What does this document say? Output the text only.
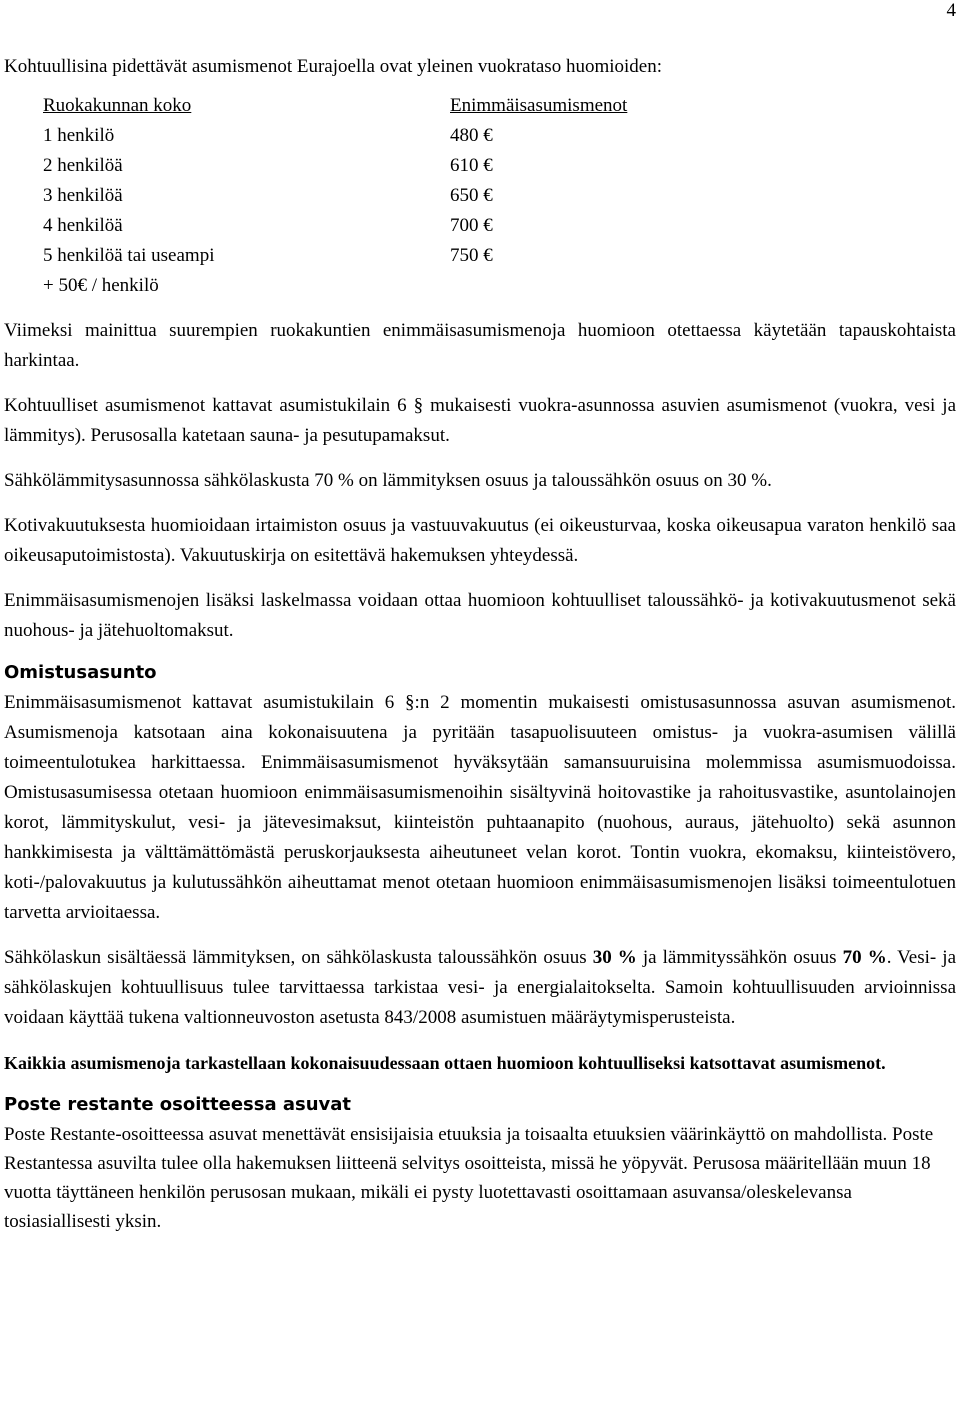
4

Kohtuullisina pidettävät asumismenot Eurajoella ovat yleinen vuokrataso huomioiden:

Ruokakunnan koko	Enimmäisasumismenot
1 henkilö	480 €
2 henkilöä	610 €
3 henkilöä	650 €
4 henkilöä	700 €
5 henkilöä tai useampi	750 €
+ 50€ / henkilö

Viimeksi mainittua suurempien ruokakuntien enimmäisasumismenoja huomioon otettaessa käytetään tapauskohtaista harkintaa.

Kohtuulliset asumismenot kattavat asumistukilain 6 § mukaisesti vuokra-asunnossa asuvien asumismenot (vuokra, vesi ja lämmitys). Perusosalla katetaan sauna- ja pesutupamaksut.

Sähkölämmitysasunnossa sähkölaskusta 70 % on lämmityksen osuus ja taloussähkön osuus on 30 %.

Kotivakuutuksesta huomioidaan irtaimiston osuus ja vastuuvakuutus (ei oikeusturvaa, koska oikeusapua varaton henkilö saa oikeusaputoimistosta). Vakuutuskirja on esitettävä hakemuksen yhteydessä.

Enimmäisasumismenojen lisäksi laskelmassa voidaan ottaa huomioon kohtuulliset taloussähkö- ja kotivakuutusmenot sekä nuohous- ja jätehuoltomaksut.

Omistusasunto

Enimmäisasumismenot kattavat asumistukilain 6 §:n 2 momentin mukaisesti omistusasunnossa asuvan asumismenot. Asumismenoja katsotaan aina kokonaisuutena ja pyritään tasapuolisuuteen omistus- ja vuokra-asumisen välillä toimeentulotukea harkittaessa. Enimmäisasumismenot hyväksytään samansuuruisina molemmissa asumismuodoissa. Omistusasumisessa otetaan huomioon enimmäisasumismenoihin sisältyvinä hoitovastike ja rahoitusvastike, asuntolainojen korot, lämmityskulut, vesi- ja jätevesimaksut, kiinteistön puhtaanapito (nuohous, auraus, jätehuolto) sekä asunnon hankkimisesta ja välttämättömästä peruskorjauksesta aiheutuneet velan korot. Tontin vuokra, ekomaksu, kiinteistövero, koti-/palovakuutus ja kulutussähkön aiheuttamat menot otetaan huomioon enimmäisasumismenojen lisäksi toimeentulotuen tarvetta arvioitaessa.

Sähkölaskun sisältäessä lämmityksen, on sähkölaskusta taloussähkön osuus 30 % ja lämmityssähkön osuus 70 %. Vesi- ja sähkölaskujen kohtuullisuus tulee tarvittaessa tarkistaa vesi- ja energialaitokselta. Samoin kohtuullisuuden arvioinnissa voidaan käyttää tukena valtionneuvoston asetusta 843/2008 asumistuen määräytymisperusteista.

Kaikkia asumismenoja tarkastellaan kokonaisuudessaan ottaen huomioon kohtuulliseksi katsottavat asumismenot.

Poste restante osoitteessa asuvat

Poste Restante-osoitteessa asuvat menettävät ensisijaisia etuuksia ja toisaalta etuuksien väärinkäyttö on mahdollista. Poste Restantessa asuvilta tulee olla hakemuksen liitteenä selvitys osoitteista, missä he yöpyvät. Perusosa määritellään muun 18 vuotta täyttäneen henkilön perusosan mukaan, mikäli ei pysty luotettavasti osoittamaan asuvansa/oleskelevansa tosiasiallisesti yksin.
